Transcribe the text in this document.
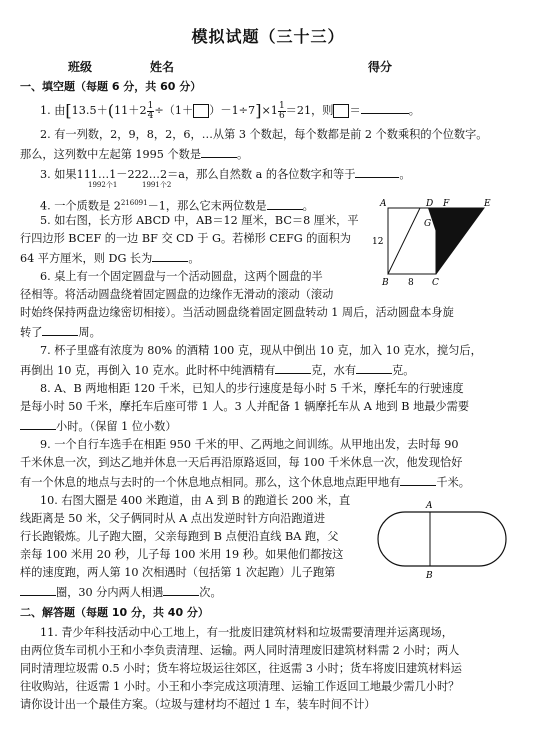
模拟试题（三十三）
班级	姓名	得分
一、填空题（每题 6 分，共 60 分）
1. 由[$13.5+(11+2 \frac{1}{4} \div(1+ )-1\div 7]\times 1 \frac{1}{6} =21$，则 ＝	。
2. 有一列数，2，9，8，2，6，…从第 3 个数起，每个数都是前 2 个数乘积的个位数字。
那么，这列数中左起第 1995 个数是	。
3. 如果111…1－222…2＝a，那么自然数 a 的各位数字和等于	。
1992个1	1991个2
4. 一个质数是 $2^{216091}-1$，那么它末两位数是	。
5. 如右图，长方形 ABCD 中，AB＝12 厘米，BC＝8 厘米，平
行四边形 BCEF 的一边 BF 交 CD 于 G。若梯形 CEFG 的面积为
64 平方厘米，则 DG 长为	。
A	D F	E
G
B	C
12
8
6. 桌上有一个固定圆盘与一个活动圆盘，这两个圆盘的半
径相等。将活动圆盘绕着固定圆盘的边缘作无滑动的滚动（滚动
时始终保持两盘边缘密切相接）。当活动圆盘绕着固定圆盘转动 1 周后，活动圆盘本身旋
转了	周。
7. 杯子里盛有浓度为 80% 的酒精 100 克，现从中倒出 10 克，加入 10 克水，搅匀后，
再倒出 10 克，再倒入 10 克水。此时杯中纯酒精有	克，水有	克。
8. A、B 两地相距 120 千米，已知人的步行速度是每小时 5 千米，摩托车的行驶速度
是每小时 50 千米，摩托车后座可带 1 人。3 人并配备 1 辆摩托车从 A 地到 B 地最少需要
小时。（保留 1 位小数）
9. 一个自行车选手在相距 950 千米的甲、乙两地之间训练。从甲地出发，去时每 90
千米休息一次，到达乙地并休息一天后再沿原路返回，每 100 千米休息一次，他发现恰好
有一个休息的地点与去时的一个休息地点相同。那么，这个休息地点距甲地有	千米。
10. 右图大圈是 400 米跑道，由 A 到 B 的跑道长 200 米，直
线距离是 50 米，父子俩同时从 A 点出发逆时针方向沿跑道进
行长跑锻炼。儿子跑大圈，父亲每跑到 B 点便沿直线 BA 跑，父
亲每 100 米用 20 秒，儿子每 100 米用 19 秒。如果他们都按这
样的速度跑，两人第 10 次相遇时（包括第 1 次起跑）儿子跑第
圈，30 分内两人相遇	次。
A
B
二、解答题（每题 10 分，共 40 分）
11. 青少年科技活动中心工地上，有一批废旧建筑材料和垃圾需要清理并运离现场，
由两位货车司机小王和小李负责清理、运输。两人同时清理废旧建筑材料需 2 小时；两人
同时清理垃圾需 0.5 小时；货车将垃圾运往郊区，往返需 3 小时；货车将废旧建筑材料运
往收购站，往返需 1 小时。小王和小李完成这项清理、运输工作返回工地最少需几小时？
请你设计出一个最佳方案。（垃圾与建材均不超过 1 车，装车时间不计）
